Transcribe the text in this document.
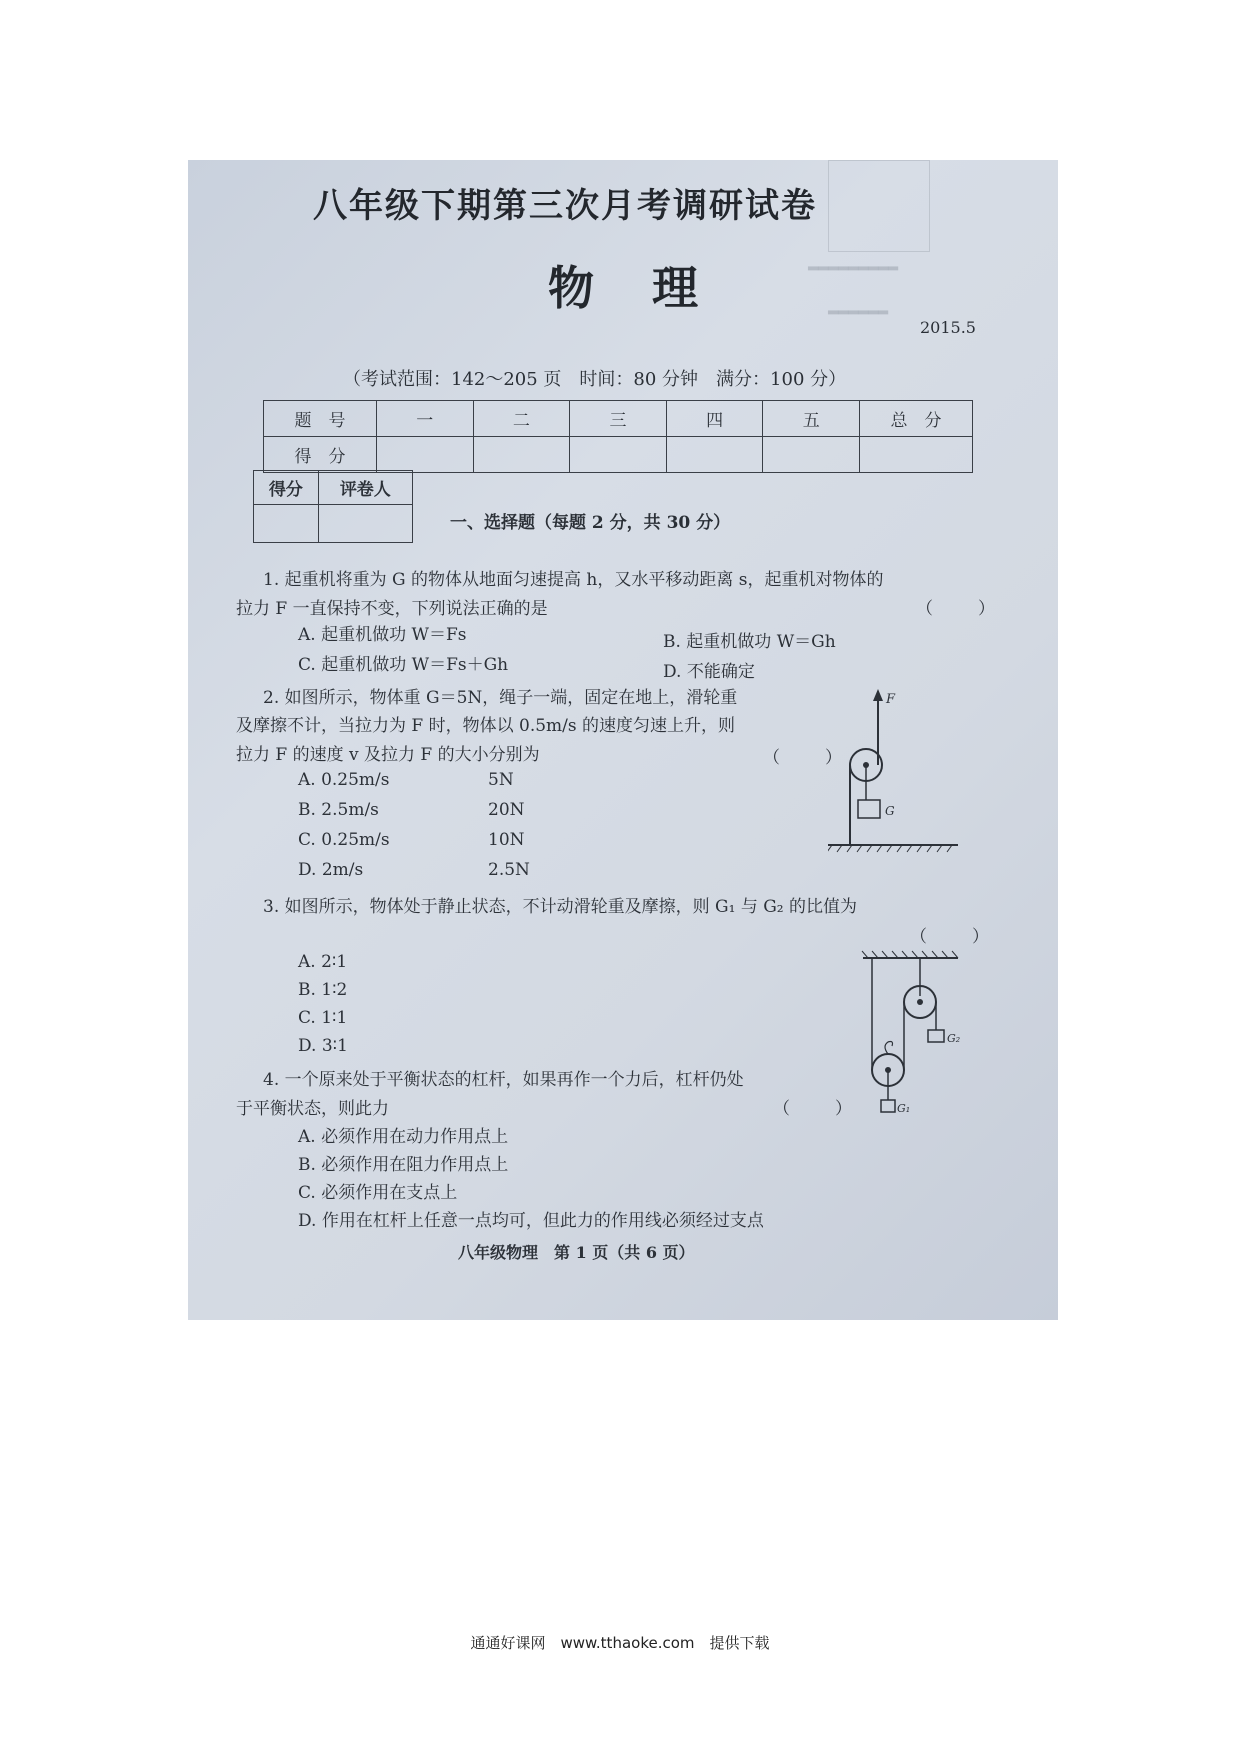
▂▂▂▂▂▂▂▂▂
▂▂▂▂▂▂
八年级下期第三次月考调研试卷
物　理
2015.5
（考试范围：142～205 页　时间：80 分钟　满分：100 分）
题　号	一	二	三	四	五	总　分
得　分						
得分	评卷人

一、选择题（每题 2 分，共 30 分）
1. 起重机将重为 G 的物体从地面匀速提高 h，又水平移动距离 s，起重机对物体的
拉力 F 一直保持不变，下列说法正确的是	（　）
A. 起重机做功 W＝Fs	B. 起重机做功 W＝Gh
C. 起重机做功 W＝Fs＋Gh	D. 不能确定
2. 如图所示，物体重 G＝5N，绳子一端，固定在地上，滑轮重
及摩擦不计，当拉力为 F 时，物体以 0.5m/s 的速度匀速上升，则
拉力 F 的速度 v 及拉力 F 的大小分别为	（　）
A. 0.25m/s	5N
B. 2.5m/s	20N
C. 0.25m/s	10N
D. 2m/s	2.5N
F
G
3. 如图所示，物体处于静止状态，不计动滑轮重及摩擦，则 G₁ 与 G₂ 的比值为
（　）
A. 2∶1
B. 1∶2
C. 1∶1
D. 3∶1	G₂
G₁
4. 一个原来处于平衡状态的杠杆，如果再作一个力后，杠杆仍处
于平衡状态，则此力	（　）
A. 必须作用在动力作用点上
B. 必须作用在阻力作用点上
C. 必须作用在支点上
D. 作用在杠杆上任意一点均可，但此力的作用线必须经过支点
八年级物理　第 1 页（共 6 页）
通通好课网　www.tthaoke.com　提供下载
